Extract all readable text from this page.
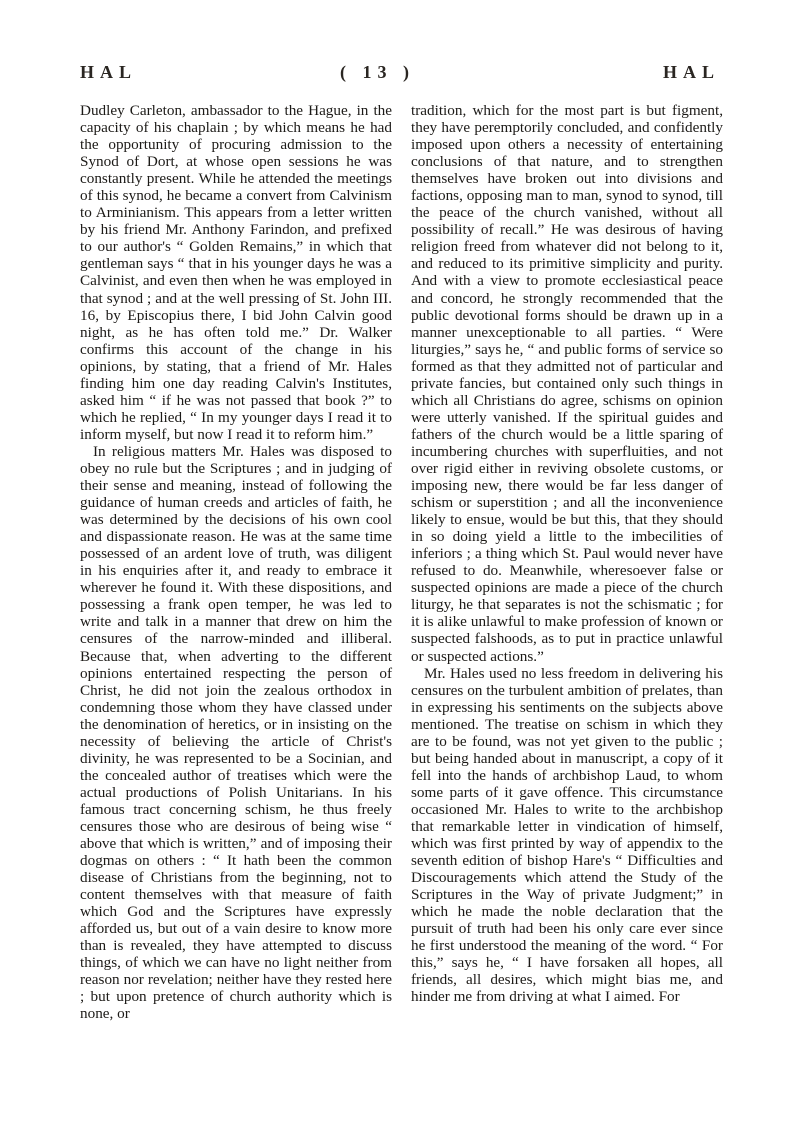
HAL	( 13 )	HAL

Dudley Carleton, ambassador to the Hague, in the capacity of his chaplain ; by which means he had the opportunity of procuring admission to the Synod of Dort, at whose open sessions he was constantly present. While he attended the meetings of this synod, he became a convert from Calvinism to Arminianism. This appears from a letter written by his friend Mr. Anthony Farindon, and prefixed to our author's “ Golden Remains,” in which that gentleman says “ that in his younger days he was a Calvinist, and even then when he was employed in that synod ; and at the well pressing of St. John III. 16, by Episcopius there, I bid John Calvin good night, as he has often told me.” Dr. Walker confirms this account of the change in his opinions, by stating, that a friend of Mr. Hales finding him one day reading Calvin's Institutes, asked him “ if he was not passed that book ?” to which he replied, “ In my younger days I read it to inform myself, but now I read it to reform him.”

In religious matters Mr. Hales was disposed to obey no rule but the Scriptures ; and in judging of their sense and meaning, instead of following the guidance of human creeds and articles of faith, he was determined by the decisions of his own cool and dispassionate reason. He was at the same time possessed of an ardent love of truth, was diligent in his enquiries after it, and ready to embrace it wherever he found it. With these dispositions, and possessing a frank open temper, he was led to write and talk in a manner that drew on him the censures of the narrow-minded and illiberal. Because that, when adverting to the different opinions entertained respecting the person of Christ, he did not join the zealous orthodox in condemning those whom they have classed under the denomination of heretics, or in insisting on the necessity of believing the article of Christ's divinity, he was represented to be a Socinian, and the concealed author of treatises which were the actual productions of Polish Unitarians. In his famous tract concerning schism, he thus freely censures those who are desirous of being wise “ above that which is written,” and of imposing their dogmas on others : “ It hath been the common disease of Christians from the beginning, not to content themselves with that measure of faith which God and the Scriptures have expressly afforded us, but out of a vain desire to know more than is revealed, they have attempted to discuss things, of which we can have no light neither from reason nor revelation; neither have they rested here ; but upon pretence of church authority which is none, or

tradition, which for the most part is but figment, they have peremptorily concluded, and confidently imposed upon others a necessity of entertaining conclusions of that nature, and to strengthen themselves have broken out into divisions and factions, opposing man to man, synod to synod, till the peace of the church vanished, without all possibility of recall.” He was desirous of having religion freed from whatever did not belong to it, and reduced to its primitive simplicity and purity. And with a view to promote ecclesiastical peace and concord, he strongly recommended that the public devotional forms should be drawn up in a manner unexceptionable to all parties. “ Were liturgies,” says he, “ and public forms of service so formed as that they admitted not of particular and private fancies, but contained only such things in which all Christians do agree, schisms on opinion were utterly vanished. If the spiritual guides and fathers of the church would be a little sparing of incumbering churches with superfluities, and not over rigid either in reviving obsolete customs, or imposing new, there would be far less danger of schism or superstition ; and all the inconvenience likely to ensue, would be but this, that they should in so doing yield a little to the imbecilities of inferiors ; a thing which St. Paul would never have refused to do. Meanwhile, wheresoever false or suspected opinions are made a piece of the church liturgy, he that separates is not the schismatic ; for it is alike unlawful to make profession of known or suspected falshoods, as to put in practice unlawful or suspected actions.”

Mr. Hales used no less freedom in delivering his censures on the turbulent ambition of prelates, than in expressing his sentiments on the subjects above mentioned. The treatise on schism in which they are to be found, was not yet given to the public ; but being handed about in manuscript, a copy of it fell into the hands of archbishop Laud, to whom some parts of it gave offence. This circumstance occasioned Mr. Hales to write to the archbishop that remarkable letter in vindication of himself, which was first printed by way of appendix to the seventh edition of bishop Hare's “ Difficulties and Discouragements which attend the Study of the Scriptures in the Way of private Judgment;” in which he made the noble declaration that the pursuit of truth had been his only care ever since he first understood the meaning of the word. “ For this,” says he, “ I have forsaken all hopes, all friends, all desires, which might bias me, and hinder me from driving at what I aimed. For
